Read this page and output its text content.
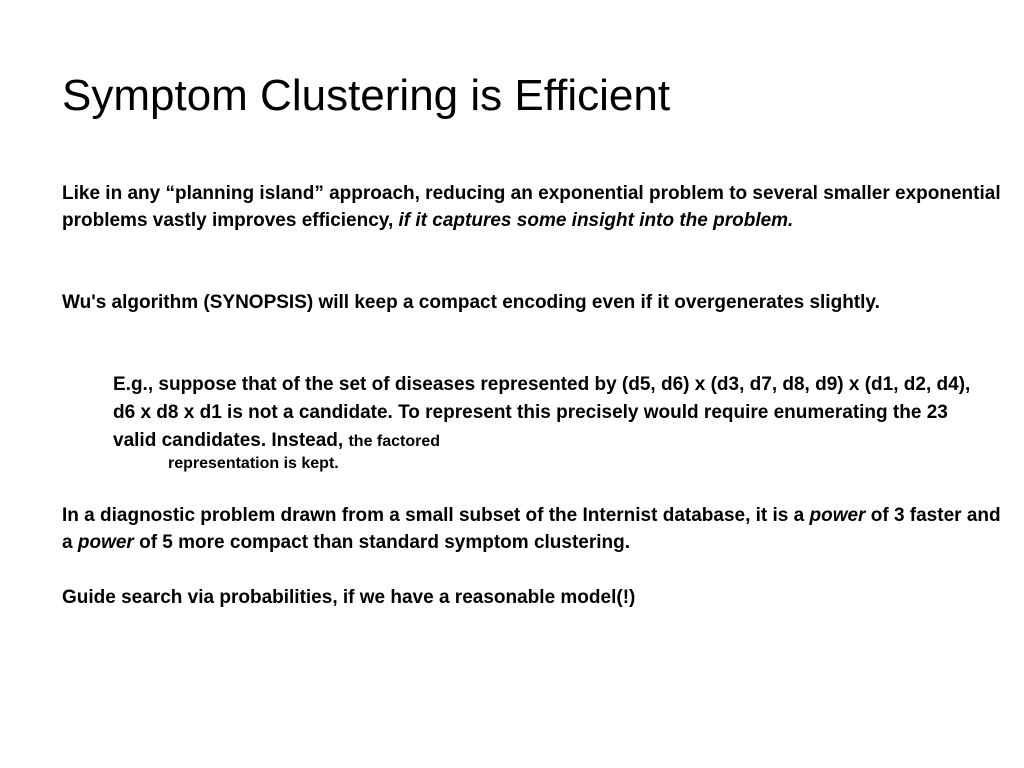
Symptom Clustering is Efficient

Like in any “planning island” approach, reducing an exponential problem to several smaller exponential problems vastly improves efficiency, if it captures some insight into the problem.

Wu's algorithm (SYNOPSIS) will keep a compact encoding even if it overgenerates slightly.

E.g., suppose that of the set of diseases represented by (d5, d6) x (d3, d7, d8, d9) x (d1, d2, d4), d6 x d8 x d1 is not a candidate. To represent this precisely would require enumerating the 23 valid candidates. Instead, the factored

representation is kept.

In a diagnostic problem drawn from a small subset of the Internist database, it is a power of 3 faster and a power of 5 more compact than standard symptom clustering.

Guide search via probabilities, if we have a reasonable model(!)
